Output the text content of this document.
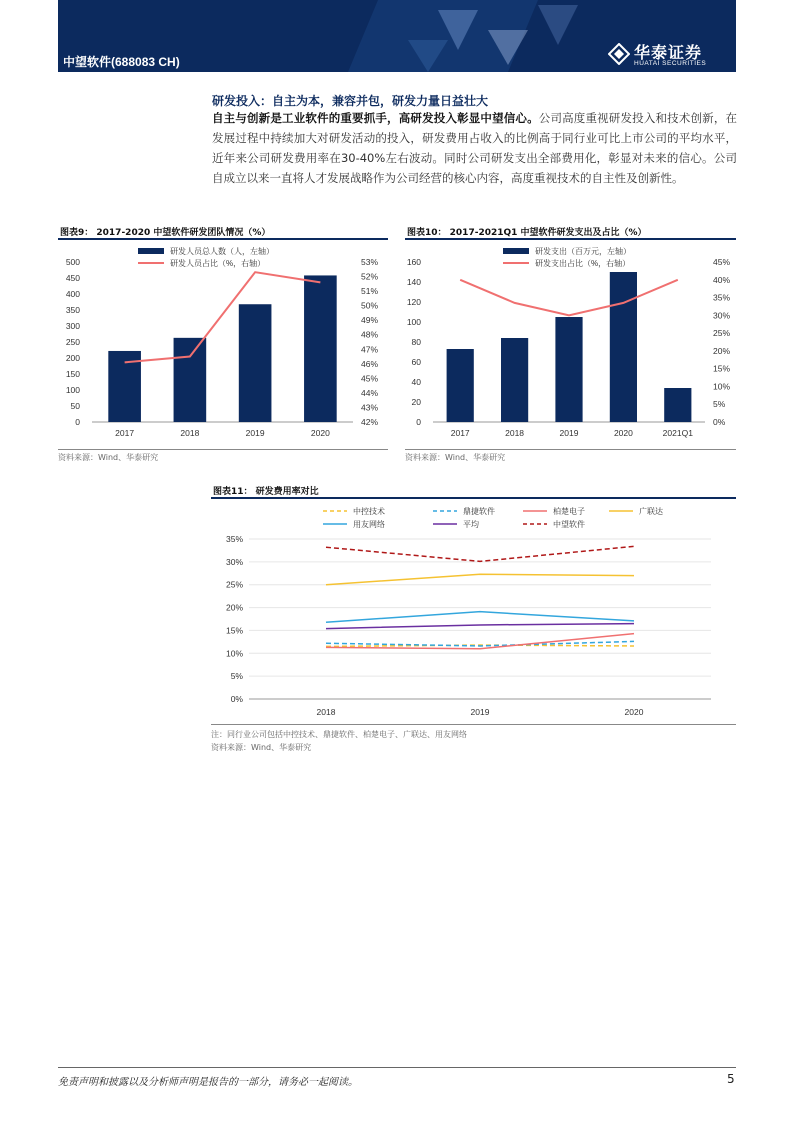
中望软件(688083 CH)	华泰证券
HUATAI SECURITIES
研发投入：自主为本，兼容并包，研发力量日益壮大
自主与创新是工业软件的重要抓手，高研发投入彰显中望信心。公司高度重视研发投入和技术创新，在发展过程中持续加大对研发活动的投入，研发费用占收入的比例高于同行业可比上市公司的平均水平，近年来公司研发费用率在30-40%左右波动。同时公司研发支出全部费用化，彰显对未来的信心。公司自成立以来一直将人才发展战略作为公司经营的核心内容，高度重视技术的自主性及创新性。
图表9： 2017-2020 中望软件研发团队情况（%）
研发人员总人数（人，左轴）
研发人员占比（%，右轴）
0
50
100
150
200
250
300
350
400
450
500
42%
43%
44%
45%
46%
47%
48%
49%
50%
51%
52%
53%
2017	2018	2019	2020
资料来源：Wind、华泰研究
图表10： 2017-2021Q1 中望软件研发支出及占比（%）
研发支出（百万元，左轴）
研发支出占比（%，右轴）
0
20
40
60
80
100
120
140
160
0%
5%
10%
15%
20%
25%
30%
35%
40%
45%
2017	2018	2019	2020	2021Q1
资料来源：Wind、华泰研究
图表11： 研发费用率对比
中控技术	鼎捷软件	柏楚电子	广联达
用友网络	平均	中望软件
0%
5%
10%
15%
20%
25%
30%
35%
2018	2019	2020
注：同行业公司包括中控技术、鼎捷软件、柏楚电子、广联达、用友网络
资料来源：Wind、华泰研究
免责声明和披露以及分析师声明是报告的一部分，请务必一起阅读。	5
